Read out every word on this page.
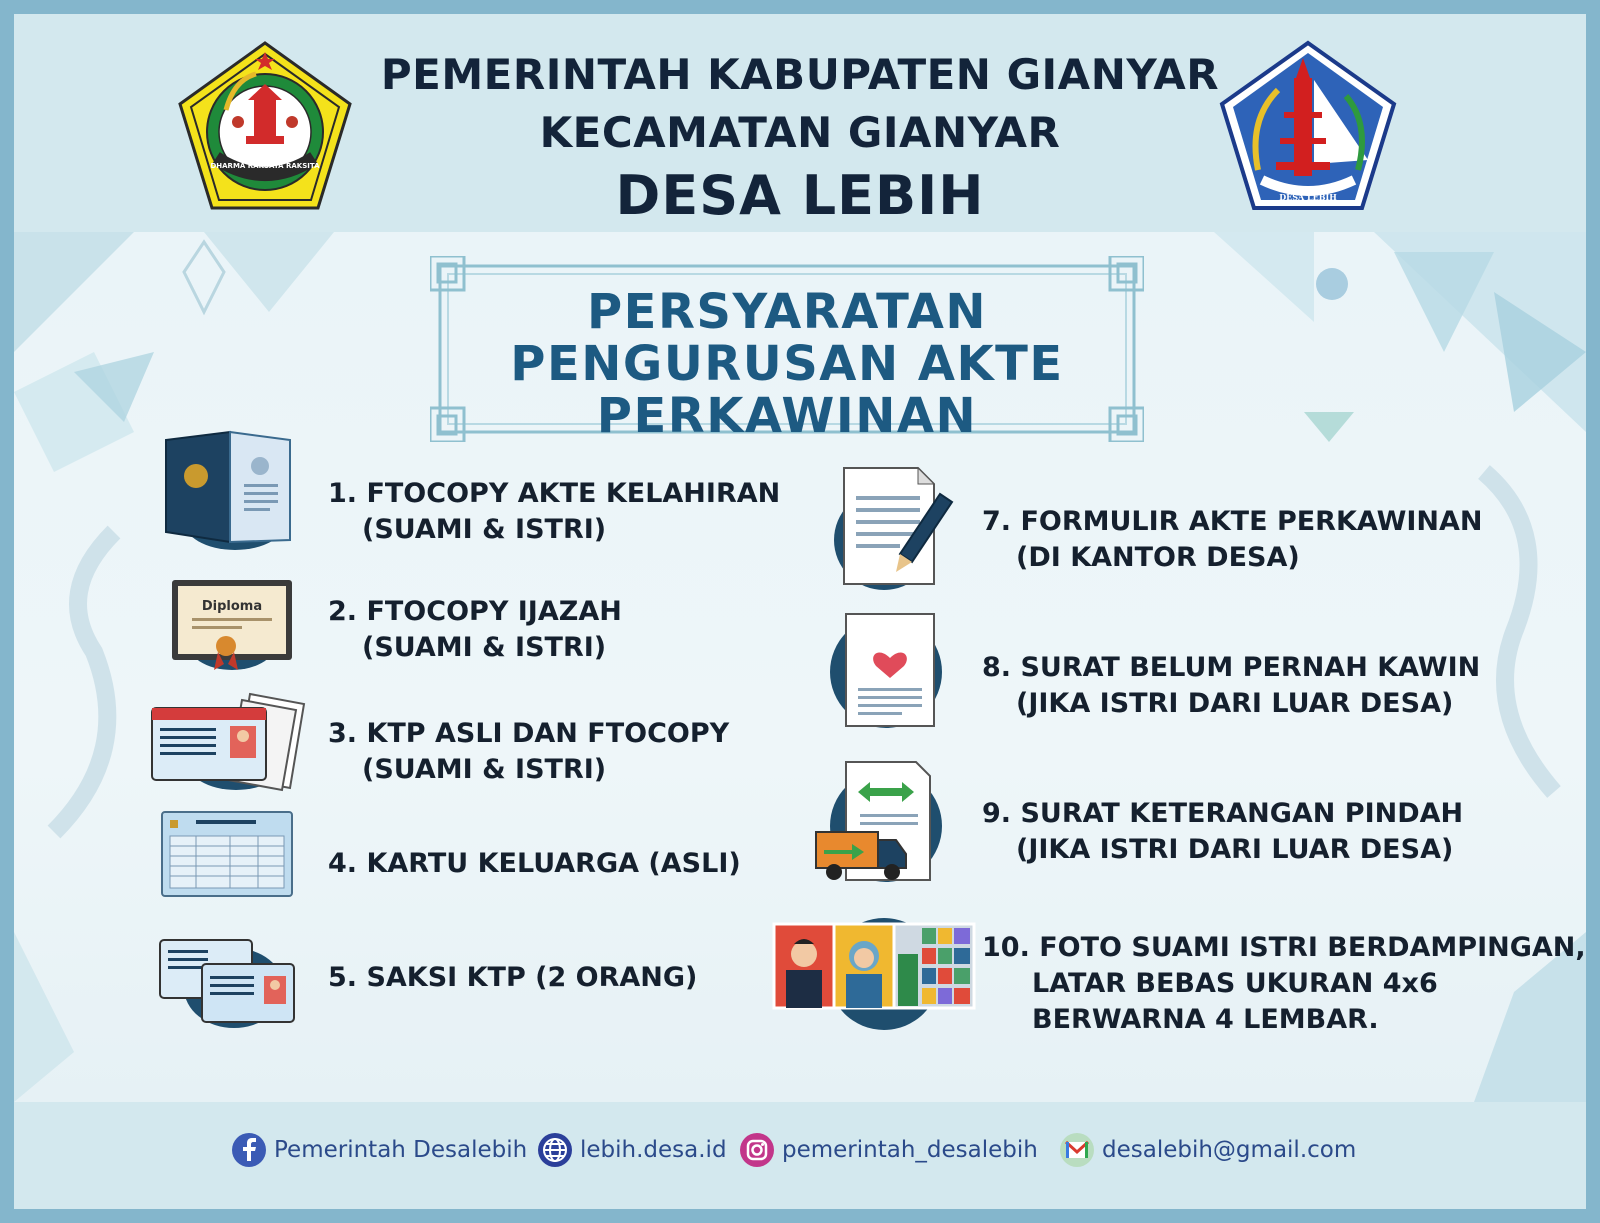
DHARMA RAKSATA RAKSITA
PEMERINTAH KABUPATEN GIANYAR
KECAMATAN GIANYAR
DESA LEBIH	DESA LEBIH
PERSYARATAN
PENGURUSAN AKTE
PERKAWINAN
1. FTOCOPY AKTE KELAHIRAN
(SUAMI & ISTRI)
Diploma 2. FTOCOPY IJAZAH
(SUAMI & ISTRI)
3. KTP ASLI DAN FTOCOPY
(SUAMI & ISTRI)
4. KARTU KELUARGA (ASLI)
5. SAKSI KTP (2 ORANG)
7. FORMULIR AKTE PERKAWINAN
(DI KANTOR DESA)
8. SURAT BELUM PERNAH KAWIN
(JIKA ISTRI DARI LUAR DESA)
9. SURAT KETERANGAN PINDAH
(JIKA ISTRI DARI LUAR DESA)
10. FOTO SUAMI ISTRI BERDAMPINGAN,
LATAR BEBAS UKURAN 4x6
BERWARNA 4 LEMBAR.
Pemerintah Desalebih lebih.desa.id pemerintah_desalebih	desalebih@gmail.com
